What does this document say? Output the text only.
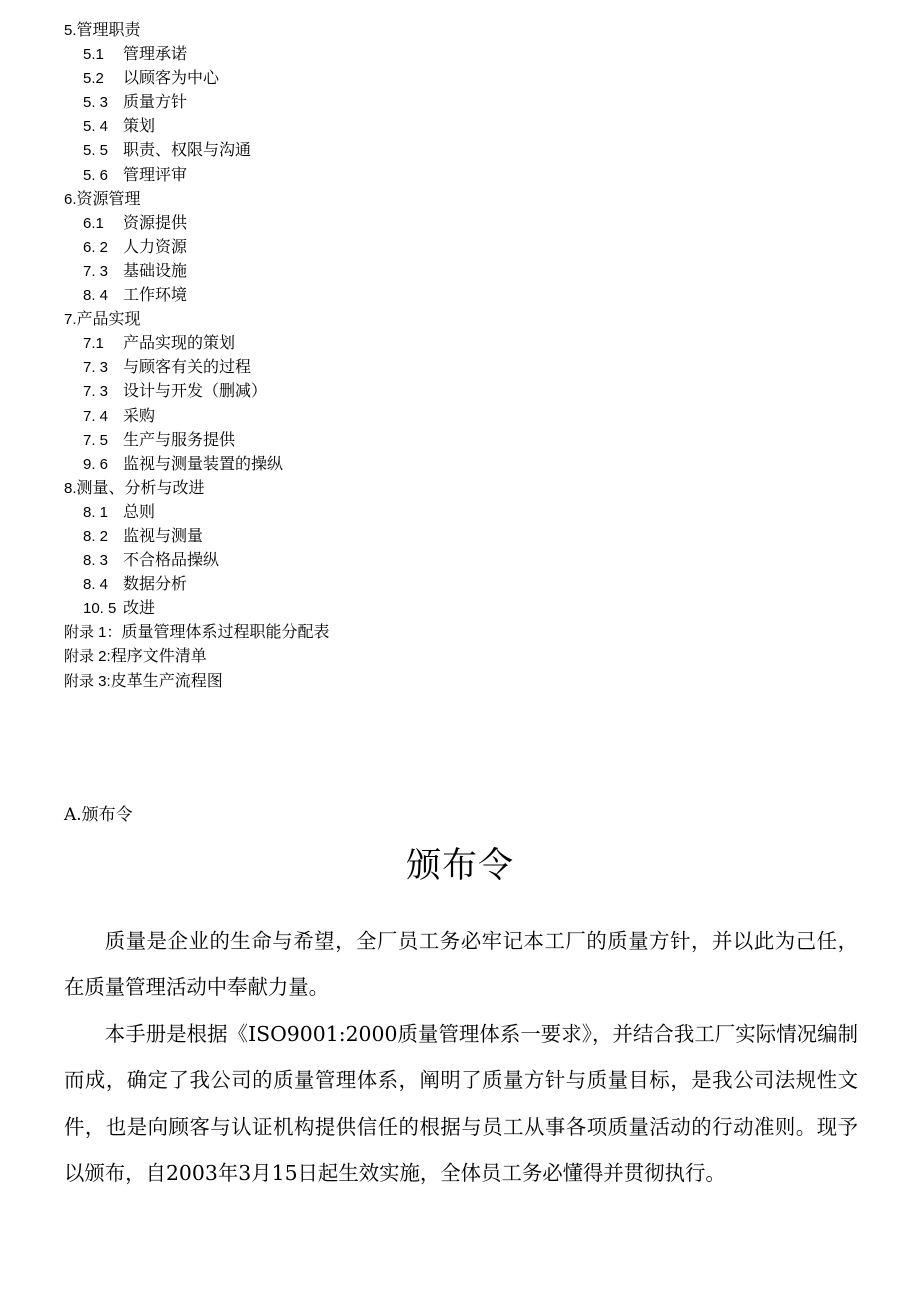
5.管理职责
5.1 管理承诺
5.2 以顾客为中心
5. 3 质量方针
5. 4 策划
5. 5 职责、权限与沟通
5. 6 管理评审
6.资源管理
6.1 资源提供
6. 2 人力资源
7. 3 基础设施
8. 4 工作环境
7.产品实现
7.1 产品实现的策划
7. 3 与顾客有关的过程
7. 3 设计与开发（删减）
7. 4 采购
7. 5 生产与服务提供
9. 6 监视与测量装置的操纵
8.测量、分析与改进
8. 1 总则
8. 2 监视与测量
8. 3 不合格品操纵
8. 4 数据分析
10. 5 改进
附录 1：质量管理体系过程职能分配表
附录 2:程序文件清单
附录 3:皮革生产流程图
A.颁布令
颁布令

质量是企业的生命与希望，全厂员工务必牢记本工厂的质量方针，并以此为己任，在质量管理活动中奉献力量。

本手册是根据《ISO9001:2000质量管理体系一要求》，并结合我工厂实际情况编制而成，确定了我公司的质量管理体系，阐明了质量方针与质量目标，是我公司法规性文件，也是向顾客与认证机构提供信任的根据与员工从事各项质量活动的行动准则。现予以颁布，自2003年3月15日起生效实施，全体员工务必懂得并贯彻执行。
